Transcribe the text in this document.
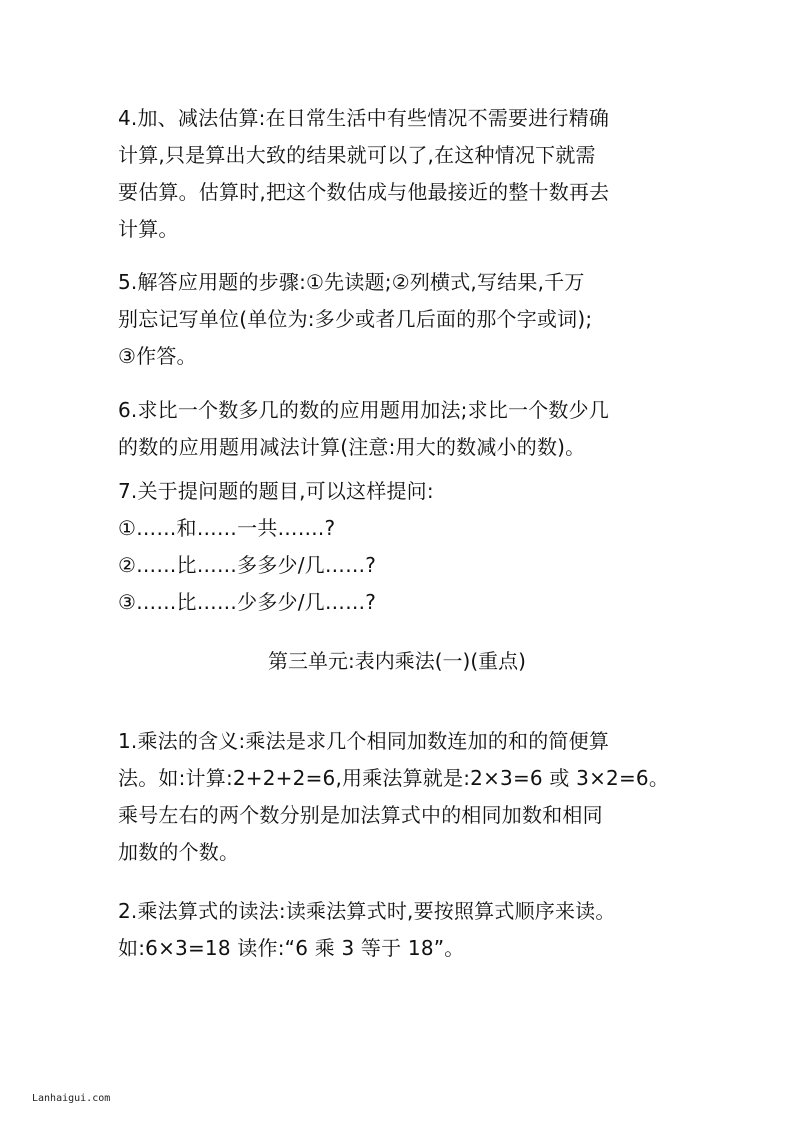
4.加、减法估算:在日常生活中有些情况不需要进行精确
计算,只是算出大致的结果就可以了,在这种情况下就需
要估算。估算时,把这个数估成与他最接近的整十数再去
计算。
5.解答应用题的步骤:①先读题;②列横式,写结果,千万
别忘记写单位(单位为:多少或者几后面的那个字或词);
③作答。
6.求比一个数多几的数的应用题用加法;求比一个数少几
的数的应用题用减法计算(注意:用大的数减小的数)。
7.关于提问题的题目,可以这样提问:
①……和……一共…….?
②……比……多多少/几……?
③……比……少多少/几……?
第三单元:表内乘法(一)(重点)
1.乘法的含义:乘法是求几个相同加数连加的和的简便算
法。如:计算:2+2+2=6,用乘法算就是:2×3=6 或 3×2=6。
乘号左右的两个数分别是加法算式中的相同加数和相同
加数的个数。
2.乘法算式的读法:读乘法算式时,要按照算式顺序来读。
如:6×3=18 读作:“6 乘 3 等于 18”。
Lanhaigui.com
